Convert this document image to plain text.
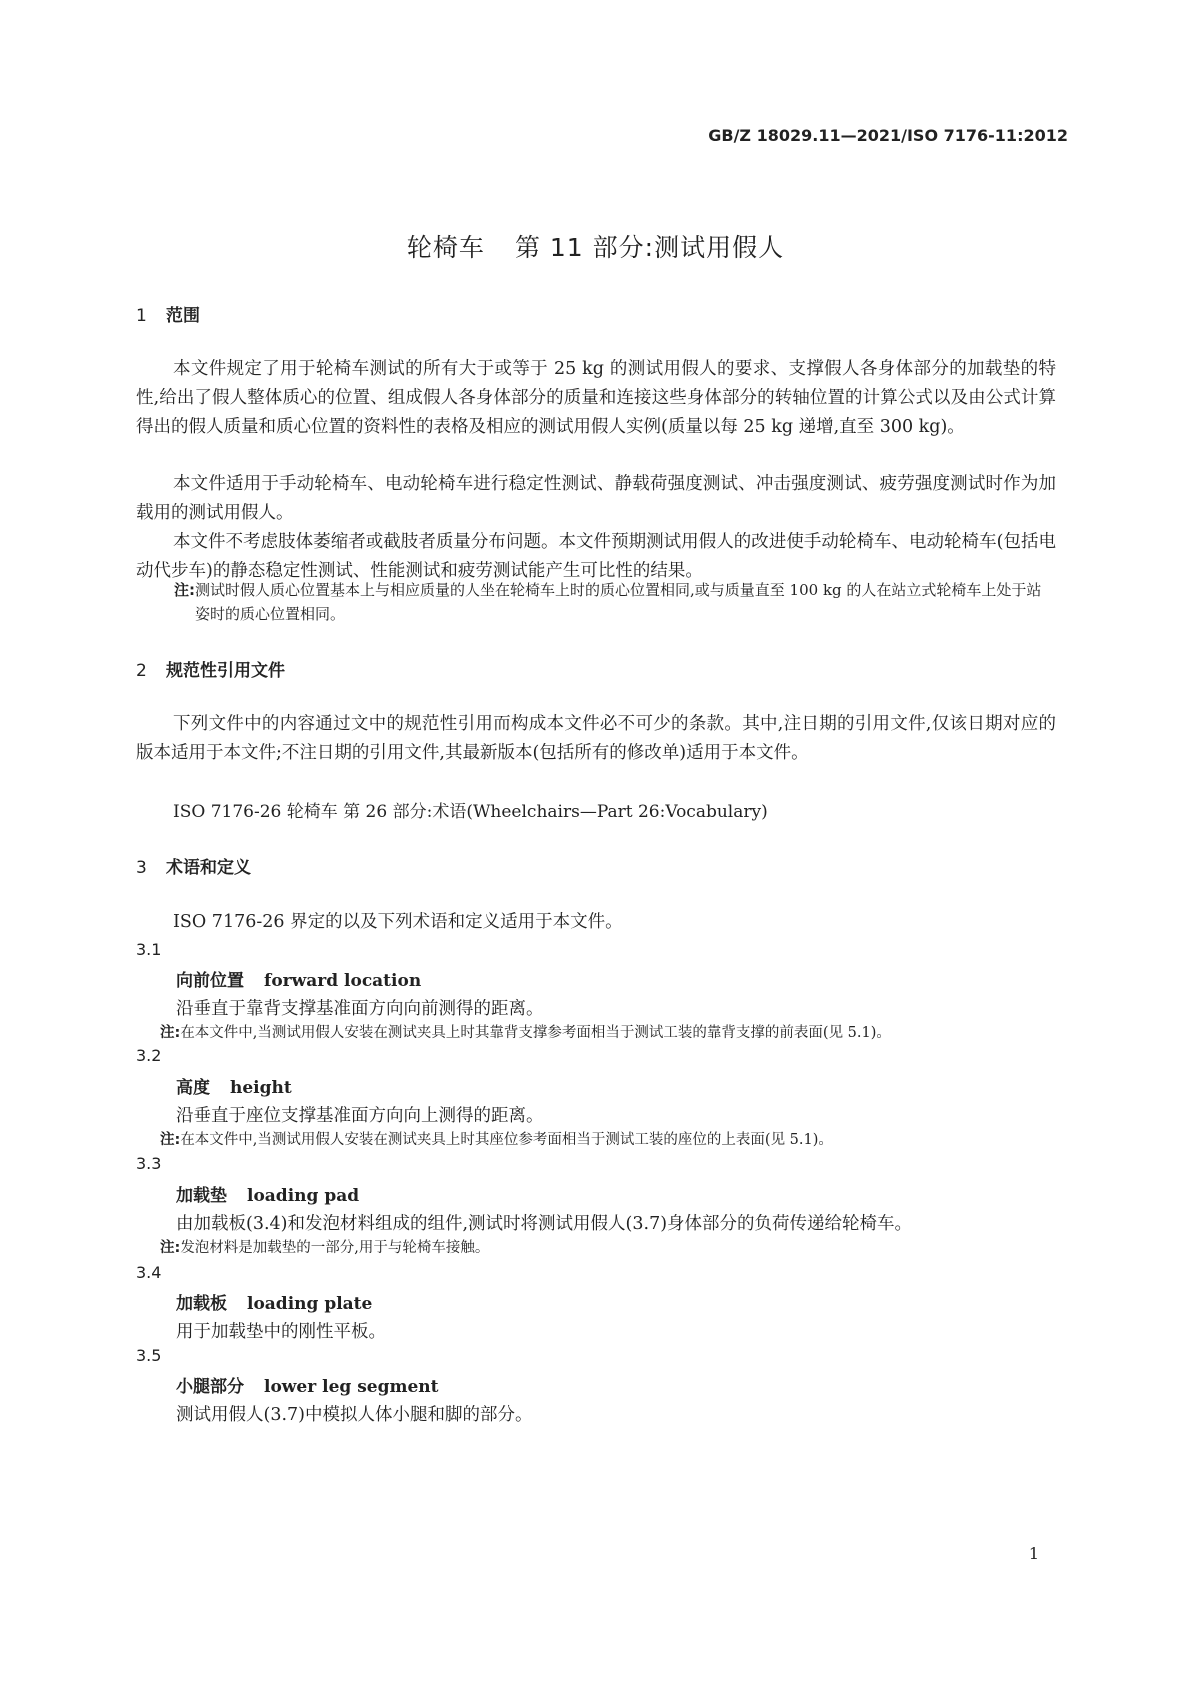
GB/Z 18029.11—2021/ISO 7176-11:2012
轮椅车 第 11 部分:测试用假人
1 范围
本文件规定了用于轮椅车测试的所有大于或等于 25 kg 的测试用假人的要求、支撑假人各身体部分的加载垫的特性,给出了假人整体质心的位置、组成假人各身体部分的质量和连接这些身体部分的转轴位置的计算公式以及由公式计算得出的假人质量和质心位置的资料性的表格及相应的测试用假人实例(质量以每 25 kg 递增,直至 300 kg)。
本文件适用于手动轮椅车、电动轮椅车进行稳定性测试、静载荷强度测试、冲击强度测试、疲劳强度测试时作为加载用的测试用假人。
本文件不考虑肢体萎缩者或截肢者质量分布问题。本文件预期测试用假人的改进使手动轮椅车、电动轮椅车(包括电动代步车)的静态稳定性测试、性能测试和疲劳测试能产生可比性的结果。
注: 测试时假人质心位置基本上与相应质量的人坐在轮椅车上时的质心位置相同,或与质量直至 100 kg 的人在站立式轮椅车上处于站姿时的质心位置相同。
2 规范性引用文件
下列文件中的内容通过文中的规范性引用而构成本文件必不可少的条款。其中,注日期的引用文件,仅该日期对应的版本适用于本文件;不注日期的引用文件,其最新版本(包括所有的修改单)适用于本文件。
ISO 7176-26 轮椅车 第 26 部分:术语(Wheelchairs—Part 26:Vocabulary)
3 术语和定义
ISO 7176-26 界定的以及下列术语和定义适用于本文件。
3.1
向前位置 forward location
沿垂直于靠背支撑基准面方向向前测得的距离。
注:在本文件中,当测试用假人安装在测试夹具上时其靠背支撑参考面相当于测试工装的靠背支撑的前表面(见 5.1)。
3.2
高度 height
沿垂直于座位支撑基准面方向向上测得的距离。
注:在本文件中,当测试用假人安装在测试夹具上时其座位参考面相当于测试工装的座位的上表面(见 5.1)。
3.3
加载垫 loading pad
由加载板(3.4)和发泡材料组成的组件,测试时将测试用假人(3.7)身体部分的负荷传递给轮椅车。
注:发泡材料是加载垫的一部分,用于与轮椅车接触。
3.4
加载板 loading plate
用于加载垫中的刚性平板。
3.5
小腿部分 lower leg segment
测试用假人(3.7)中模拟人体小腿和脚的部分。
1
